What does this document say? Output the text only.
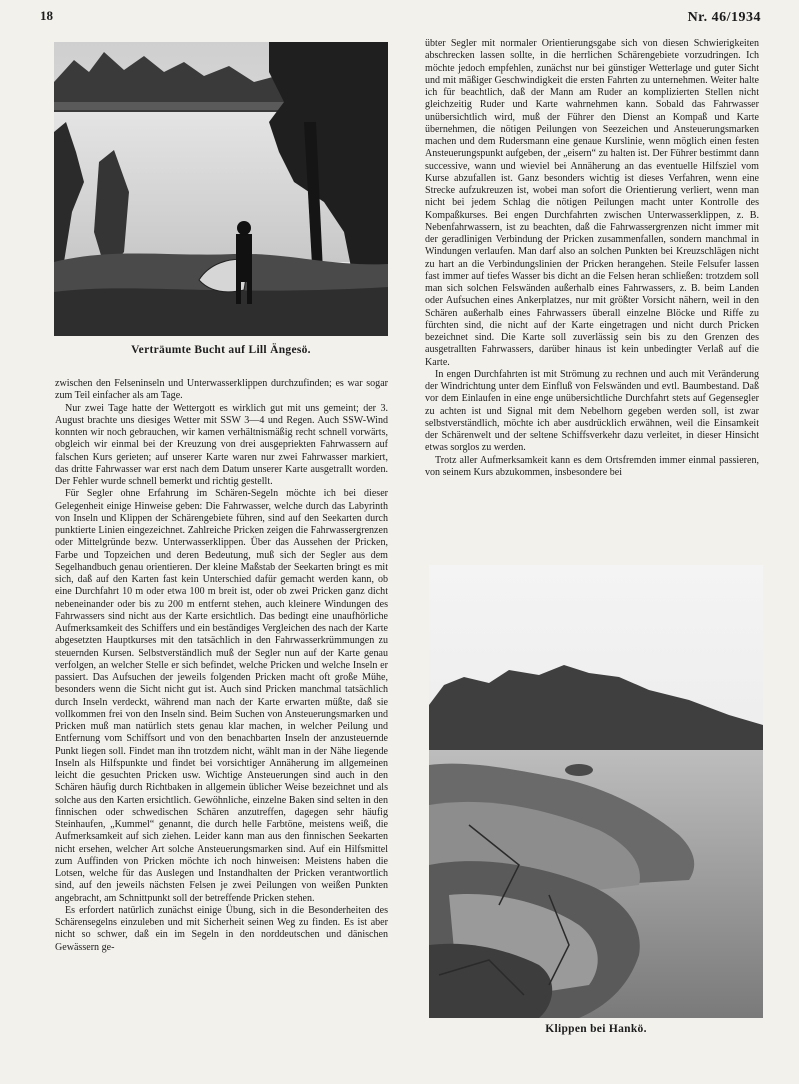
18	Nr. 46/1934
Verträumte Bucht auf Lill Ängesö.

zwischen den Felseninseln und Unterwasserklippen durchzufinden; es war sogar zum Teil einfacher als am Tage.

Nur zwei Tage hatte der Wettergott es wirklich gut mit uns gemeint; der 3. August brachte uns diesiges Wetter mit SSW 3—4 und Regen. Auch SSW-Wind konnten wir noch gebrauchen, wir kamen verhältnismäßig recht schnell vorwärts, obgleich wir einmal bei der Kreuzung von drei ausgepriekten Fahrwassern auf falschen Kurs gerieten; auf unserer Karte waren nur zwei Fahrwasser markiert, das dritte Fahrwasser war erst nach dem Datum unserer Karte ausgetrallt worden. Der Fehler wurde schnell bemerkt und richtig gestellt.

Für Segler ohne Erfahrung im Schären-Segeln möchte ich bei dieser Gelegenheit einige Hinweise geben: Die Fahrwasser, welche durch das Labyrinth von Inseln und Klippen der Schärengebiete führen, sind auf den Seekarten durch punktierte Linien eingezeichnet. Zahlreiche Pricken zeigen die Fahrwassergrenzen oder Mittelgründe bezw. Unterwasserklippen. Über das Aussehen der Pricken, Farbe und Topzeichen und deren Bedeutung, muß sich der Segler aus dem Segelhandbuch genau orientieren. Der kleine Maßstab der Seekarten bringt es mit sich, daß auf den Karten fast kein Unterschied dafür gemacht werden kann, ob eine Durchfahrt 10 m oder etwa 100 m breit ist, oder ob zwei Pricken ganz dicht nebeneinander oder bis zu 200 m entfernt stehen, auch kleinere Windungen des Fahrwassers sind nicht aus der Karte ersichtlich. Das bedingt eine unaufhörliche Aufmerksamkeit des Schiffers und ein beständiges Vergleichen des nach der Karte abgesetzten Hauptkurses mit den tatsächlich in den Fahrwasserkrümmungen zu steuernden Kursen. Selbstverständlich muß der Segler nun auf der Karte genau verfolgen, an welcher Stelle er sich befindet, welche Pricken und welche Inseln er passiert. Das Aufsuchen der jeweils folgenden Pricken macht oft große Mühe, besonders wenn die Sicht nicht gut ist. Auch sind Pricken manchmal tatsächlich durch Inseln verdeckt, während man nach der Karte erwarten müßte, daß sie vollkommen frei von den Inseln sind. Beim Suchen von Ansteuerungsmarken und Pricken muß man natürlich stets genau klar machen, in welcher Peilung und Entfernung vom Schiffsort und von den benachbarten Inseln der anzusteuernde Punkt liegen soll. Findet man ihn trotzdem nicht, wählt man in der Nähe liegende Inseln als Hilfspunkte und findet bei vorsichtiger Annäherung im allgemeinen leicht die gesuchten Pricken usw. Wichtige Ansteuerungen sind auch in den Schären häufig durch Richtbaken in allgemein üblicher Weise bezeichnet und als solche aus den Karten ersichtlich. Gewöhnliche, einzelne Baken sind selten in den finnischen oder schwedischen Schären anzutreffen, dagegen sehr häufig Steinhaufen, „Kummel“ genannt, die durch helle Farbtöne, meistens weiß, die Aufmerksamkeit auf sich ziehen. Leider kann man aus den finnischen Seekarten nicht ersehen, welcher Art solche Ansteuerungsmarken sind. Auf ein Hilfsmittel zum Auffinden von Pricken möchte ich noch hinweisen: Meistens haben die Lotsen, welche für das Auslegen und Instandhalten der Pricken verantwortlich sind, auf den jeweils nächsten Felsen je zwei Peilungen von weißen Punkten angebracht, am Schnittpunkt soll der betreffende Pricken stehen.

Es erfordert natürlich zunächst einige Übung, sich in die Besonderheiten des Schärensegelns einzuleben und mit Sicherheit seinen Weg zu finden. Es ist aber nicht so schwer, daß ein im Segeln in den norddeutschen und dänischen Gewässern ge-

übter Segler mit normaler Orientierungsgabe sich von diesen Schwierigkeiten abschrecken lassen sollte, in die herrlichen Schärengebiete vorzudringen. Ich möchte jedoch empfehlen, zunächst nur bei günstiger Wetterlage und guter Sicht und mit mäßiger Geschwindigkeit die ersten Fahrten zu unternehmen. Weiter halte ich für beachtlich, daß der Mann am Ruder an komplizierten Stellen nicht gleichzeitig Ruder und Karte wahrnehmen kann. Sobald das Fahrwasser unübersichtlich wird, muß der Führer den Dienst an Kompaß und Karte übernehmen, die nötigen Peilungen von Seezeichen und Ansteuerungsmarken machen und dem Rudersmann eine genaue Kurslinie, wenn möglich einen festen Ansteuerungspunkt aufgeben, der „eisern“ zu halten ist. Der Führer bestimmt dann successive, wann und wieviel bei Annäherung an das eventuelle Hilfsziel vom Kurse abzufallen ist. Ganz besonders wichtig ist dieses Verfahren, wenn eine Strecke aufzukreuzen ist, wobei man sofort die Orientierung verliert, wenn man nicht bei jedem Schlag die nötigen Peilungen macht unter Kontrolle des Kompaßkurses. Bei engen Durchfahrten zwischen Unterwasserklippen, z. B. Nebenfahrwassern, ist zu beachten, daß die Fahrwassergrenzen nicht immer mit der geradlinigen Verbindung der Pricken zusammenfallen, sondern manchmal in Windungen verlaufen. Man darf also an solchen Punkten bei Kreuzschlägen nicht zu hart an die Verbindungslinien der Pricken herangehen. Steile Felsufer lassen fast immer auf tiefes Wasser bis dicht an die Felsen heran schließen: trotzdem soll man sich solchen Felswänden außerhalb eines Fahrwassers, z. B. beim Landen oder Aufsuchen eines Ankerplatzes, nur mit größter Vorsicht nähern, weil in den Schären außerhalb eines Fahrwassers überall einzelne Blöcke und Riffe zu fürchten sind, die nicht auf der Karte eingetragen und nicht durch Pricken bezeichnet sind. Die Karte soll zuverlässig sein bis zu den Grenzen des ausgetrallten Fahrwassers, darüber hinaus ist kein unbedingter Verlaß auf die Karte.

In engen Durchfahrten ist mit Strömung zu rechnen und auch mit Veränderung der Windrichtung unter dem Einfluß von Felswänden und evtl. Baumbestand. Daß vor dem Einlaufen in eine enge unübersichtliche Durchfahrt stets auf Gegensegler zu achten ist und Signal mit dem Nebelhorn gegeben werden soll, ist zwar selbstverständlich, möchte ich aber ausdrücklich erwähnen, weil die Einsamkeit der Schärenwelt und der seltene Schiffsverkehr dazu verleitet, in dieser Hinsicht etwas sorglos zu werden.

Trotz aller Aufmerksamkeit kann es dem Ortsfremden immer einmal passieren, von seinem Kurs abzukommen, insbesondere bei

Klippen bei Hankö.
